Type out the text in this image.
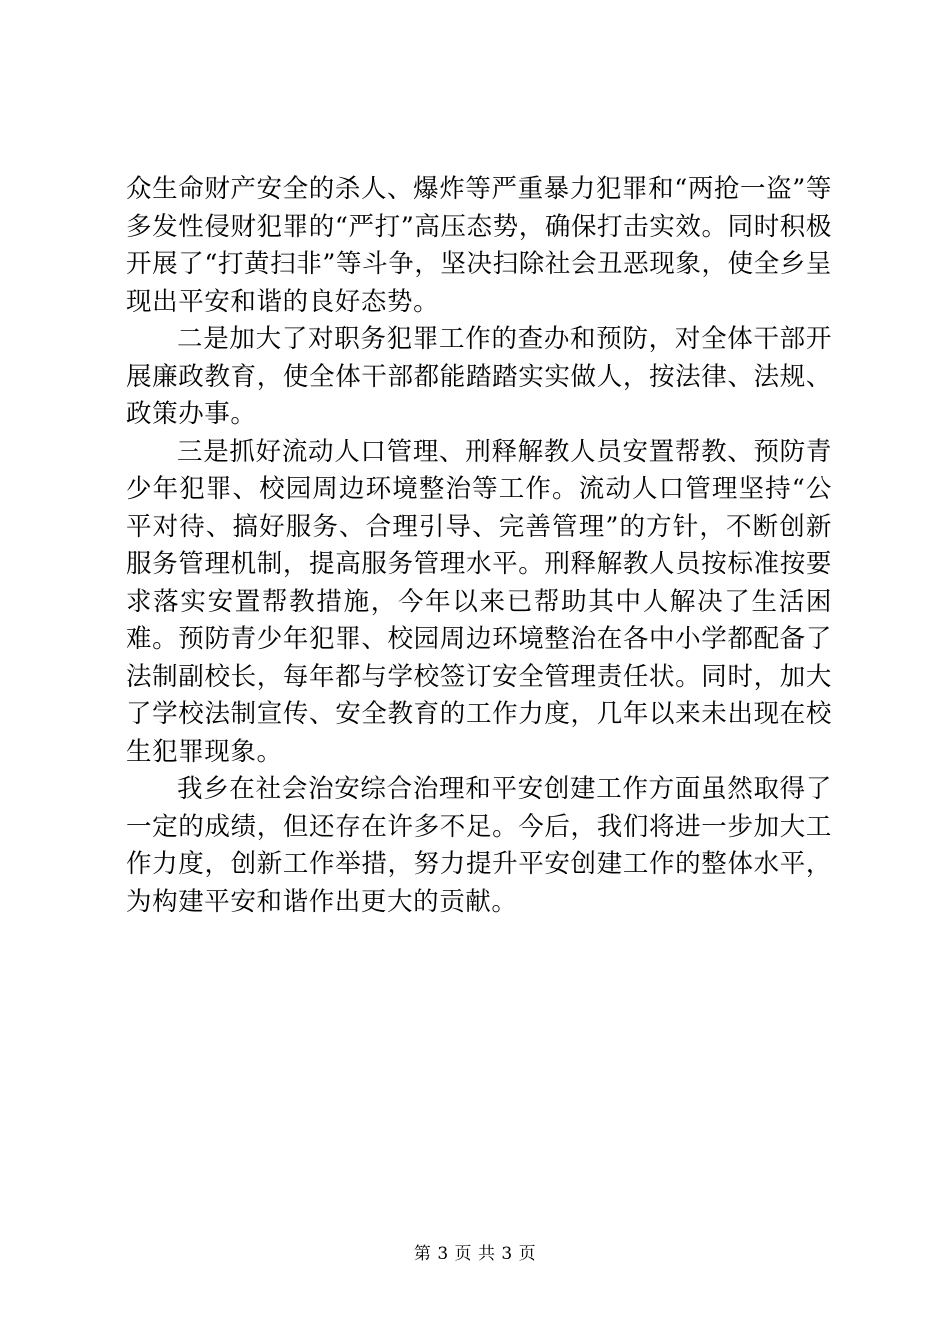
众生命财产安全的杀人、爆炸等严重暴力犯罪和“两抢一盗”等多发性侵财犯罪的“严打”高压态势，确保打击实效。同时积极开展了“打黄扫非”等斗争，坚决扫除社会丑恶现象，使全乡呈现出平安和谐的良好态势。

二是加大了对职务犯罪工作的查办和预防，对全体干部开展廉政教育，使全体干部都能踏踏实实做人，按法律、法规、政策办事。

三是抓好流动人口管理、刑释解教人员安置帮教、预防青少年犯罪、校园周边环境整治等工作。流动人口管理坚持“公平对待、搞好服务、合理引导、完善管理”的方针，不断创新服务管理机制，提高服务管理水平。刑释解教人员按标准按要求落实安置帮教措施，今年以来已帮助其中人解决了生活困难。预防青少年犯罪、校园周边环境整治在各中小学都配备了法制副校长，每年都与学校签订安全管理责任状。同时，加大了学校法制宣传、安全教育的工作力度，几年以来未出现在校生犯罪现象。

我乡在社会治安综合治理和平安创建工作方面虽然取得了一定的成绩，但还存在许多不足。今后，我们将进一步加大工作力度，创新工作举措，努力提升平安创建工作的整体水平，为构建平安和谐作出更大的贡献。

第 3 页 共 3 页
